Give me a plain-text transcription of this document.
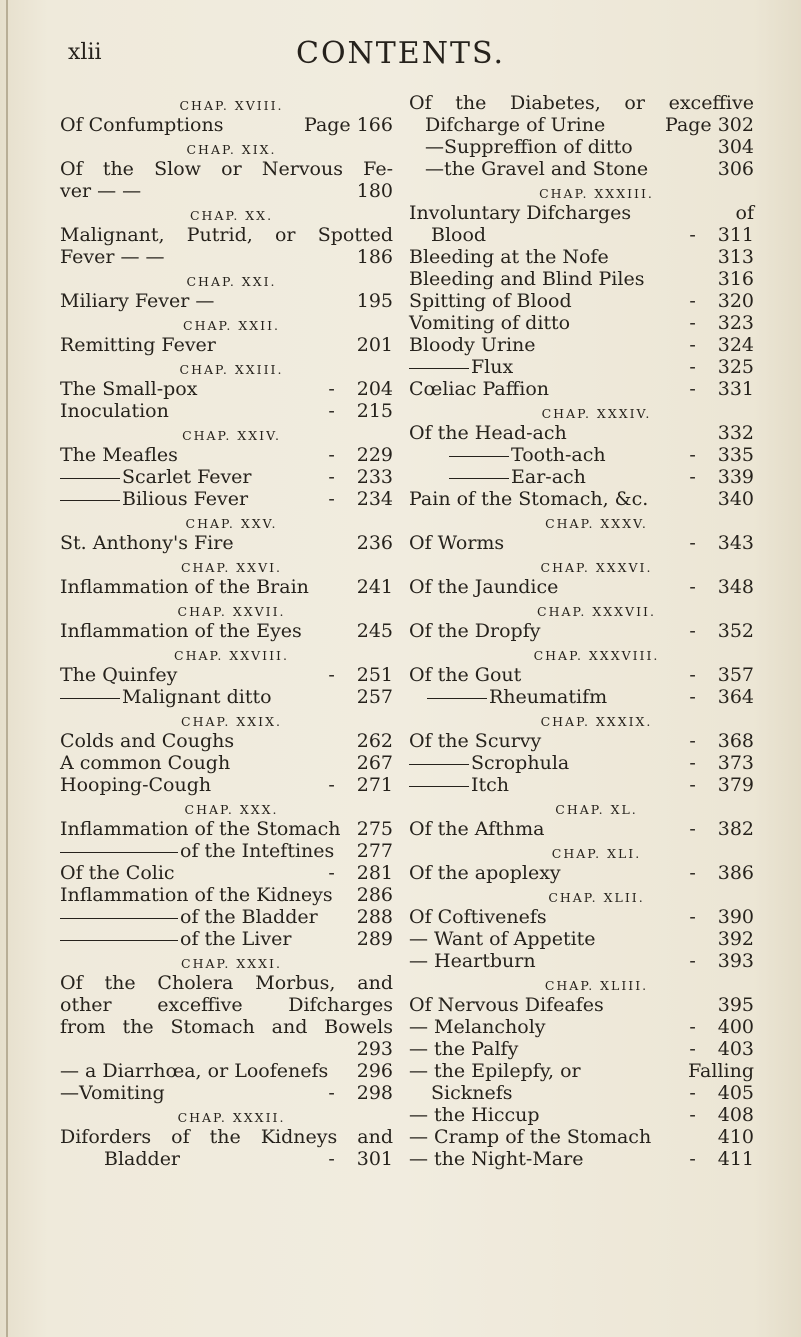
xlii	CONTENTS.
CHAP. XVIII.
Of Confumptions	Page 166
CHAP. XIX.
Of the Slow or Nervous Fe-
ver — —	180
CHAP. XX.
Malignant, Putrid, or Spotted
Fever — —	186
CHAP. XXI.
Miliary Fever —	195
CHAP. XXII.
Remitting Fever	201
CHAP. XXIII.
The Small-pox	- 204
Inoculation	- 215
CHAP. XXIV.
The Meafles	- 229
Scarlet Fever	- 233
Bilious Fever	- 234
CHAP. XXV.
St. Anthony's Fire	236
CHAP. XXVI.
Inflammation of the Brain	241
CHAP. XXVII.
Inflammation of the Eyes	245
CHAP. XXVIII.
The Quinfey	- 251
Malignant ditto	257
CHAP. XXIX.
Colds and Coughs	262
A common Cough	267
Hooping-Cough	- 271
CHAP. XXX.
Inflammation of the Stomach 275
of the Inteftines 277
Of the Colic	- 281
Inflammation of the Kidneys 286
of the Bladder 288
of the Liver	289
CHAP. XXXI.
Of the Cholera Morbus, and
other exceffive Difcharges
from the Stomach and Bowels
293
— a Diarrhœa, or Loofenefs 296
—Vomiting	- 298
CHAP. XXXII.
Diforders of the Kidneys and
Bladder	- 301
Of the Diabetes, or exceffive
Difcharge of Urine	Page 302
—Suppreffion of ditto	304
—the Gravel and Stone	306
CHAP. XXXIII.
Involuntary Difcharges	of
Blood	- 311
Bleeding at the Nofe	313
Bleeding and Blind Piles	316
Spitting of Blood	- 320
Vomiting of ditto	- 323
Bloody Urine	- 324
Flux	- 325
Cœliac Paffion	- 331
CHAP. XXXIV.
Of the Head-ach	332
Tooth-ach	- 335
Ear-ach	- 339
Pain of the Stomach, &c.	340
CHAP. XXXV.
Of Worms	- 343
CHAP. XXXVI.
Of the Jaundice	- 348
CHAP. XXXVII.
Of the Dropfy	- 352
CHAP. XXXVIII.
Of the Gout	- 357
Rheumatifm	- 364
CHAP. XXXIX.
Of the Scurvy	- 368
Scrophula	- 373
Itch	- 379
CHAP. XL.
Of the Afthma	- 382
CHAP. XLI.
Of the apoplexy	- 386
CHAP. XLII.
Of Coftivenefs	- 390
— Want of Appetite	392
— Heartburn	- 393
CHAP. XLIII.
Of Nervous Difeafes	395
— Melancholy	- 400
— the Palfy	- 403
— the Epilepfy, or	Falling
Sicknefs	- 405
— the Hiccup	- 408
— Cramp of the Stomach	410
— the Night-Mare	- 411
